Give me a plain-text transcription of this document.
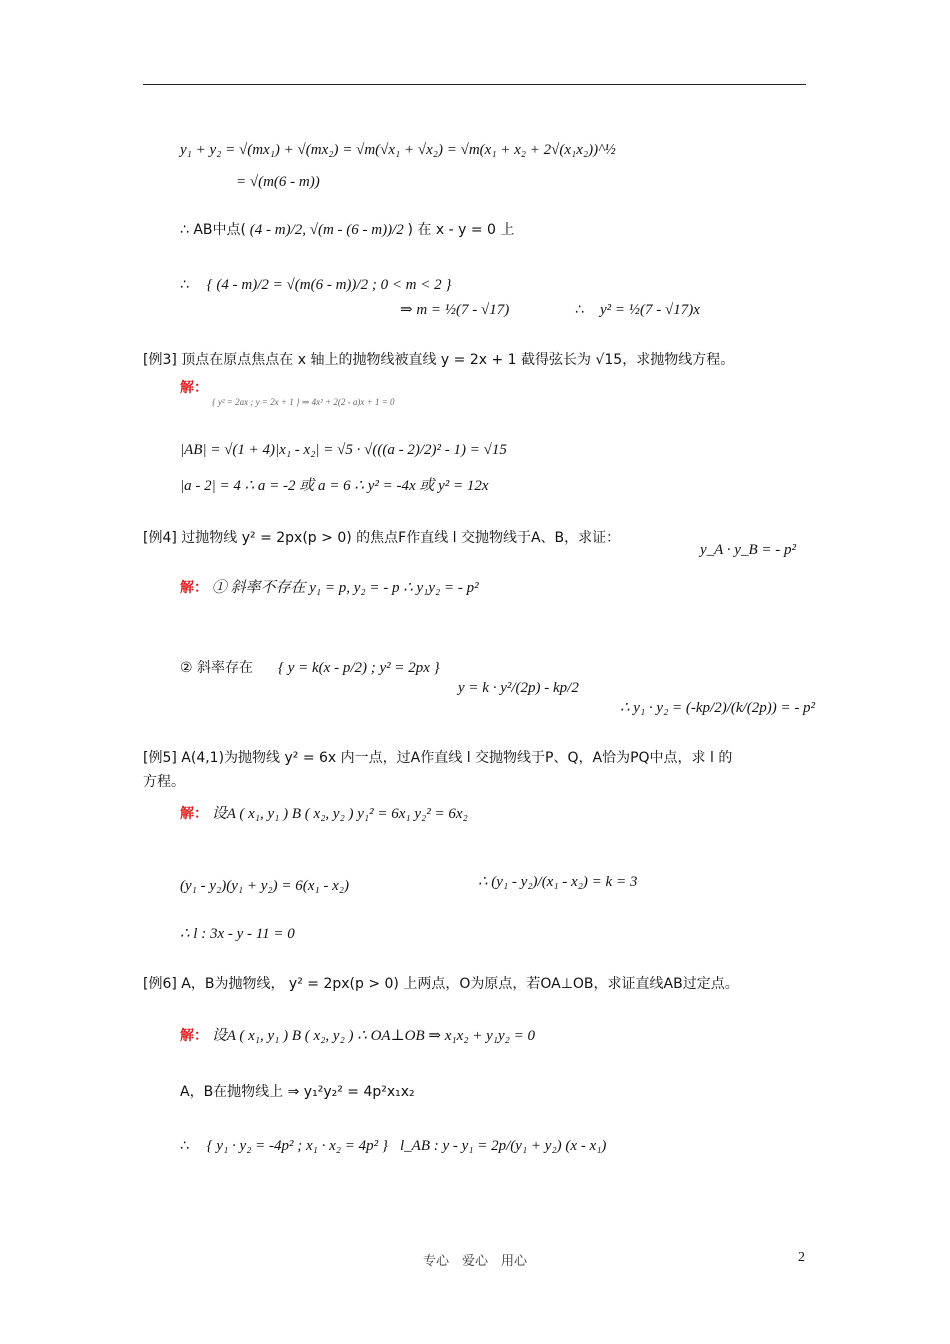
y₁ + y₂ = √(mx₁) + √(mx₂) = √m(√x₁ + √x₂) = √m(x₁ + x₂ + 2√(x₁x₂))^½
= √(m(6 - m))
∴ AB中点( (4 - m)/2, √(m - (6 - m))/2 ) 在 x - y = 0 上
∴ { (4 - m)/2 = √(m(6 - m))/2 ; 0 < m < 2 }
⇒ m = ½(7 - √17)	∴ y² = ½(7 - √17)x
[例3] 顶点在原点焦点在 x 轴上的抛物线被直线 y = 2x + 1 截得弦长为 √15，求抛物线方程。
解：
{ y² = 2ax ; y = 2x + 1 } ⇒ 4x² + 2(2 - a)x + 1 = 0
|AB| = √(1 + 4)|x₁ - x₂| = √5 · √(((a - 2)/2)² - 1) = √15
|a - 2| = 4 ∴ a = -2 或 a = 6 ∴ y² = -4x 或 y² = 12x
[例4] 过抛物线 y² = 2px(p > 0) 的焦点F作直线 l 交抛物线于A、B，求证：
y_A · y_B = - p²
解： ① 斜率不存在 y₁ = p, y₂ = - p ∴ y₁y₂ = - p²
② 斜率存在 { y = k(x - p/2) ; y² = 2px }
y = k · y²/(2p) - kp/2
∴ y₁ · y₂ = (-kp/2)/(k/(2p)) = - p²
[例5] A(4,1)为抛物线 y² = 6x 内一点，过A作直线 l 交抛物线于P、Q，A恰为PQ中点，求 l 的
方程。
解： 设A ( x₁, y₁ ) B ( x₂, y₂ ) y₁² = 6x₁ y₂² = 6x₂
(y₁ - y₂)(y₁ + y₂) = 6(x₁ - x₂)	∴ (y₁ - y₂)/(x₁ - x₂) = k = 3
∴ l : 3x - y - 11 = 0
[例6] A，B为抛物线， y² = 2px(p > 0) 上两点，O为原点，若OA⊥OB，求证直线AB过定点。
解： 设A ( x₁, y₁ ) B ( x₂, y₂ ) ∴ OA⊥OB ⇒ x₁x₂ + y₁y₂ = 0
A，B在抛物线上 ⇒ y₁²y₂² = 4p²x₁x₂
∴ { y₁ · y₂ = -4p² ; x₁ · x₂ = 4p² } l_AB : y - y₁ = 2p/(y₁ + y₂) (x - x₁)
专心　爱心　用心	2
